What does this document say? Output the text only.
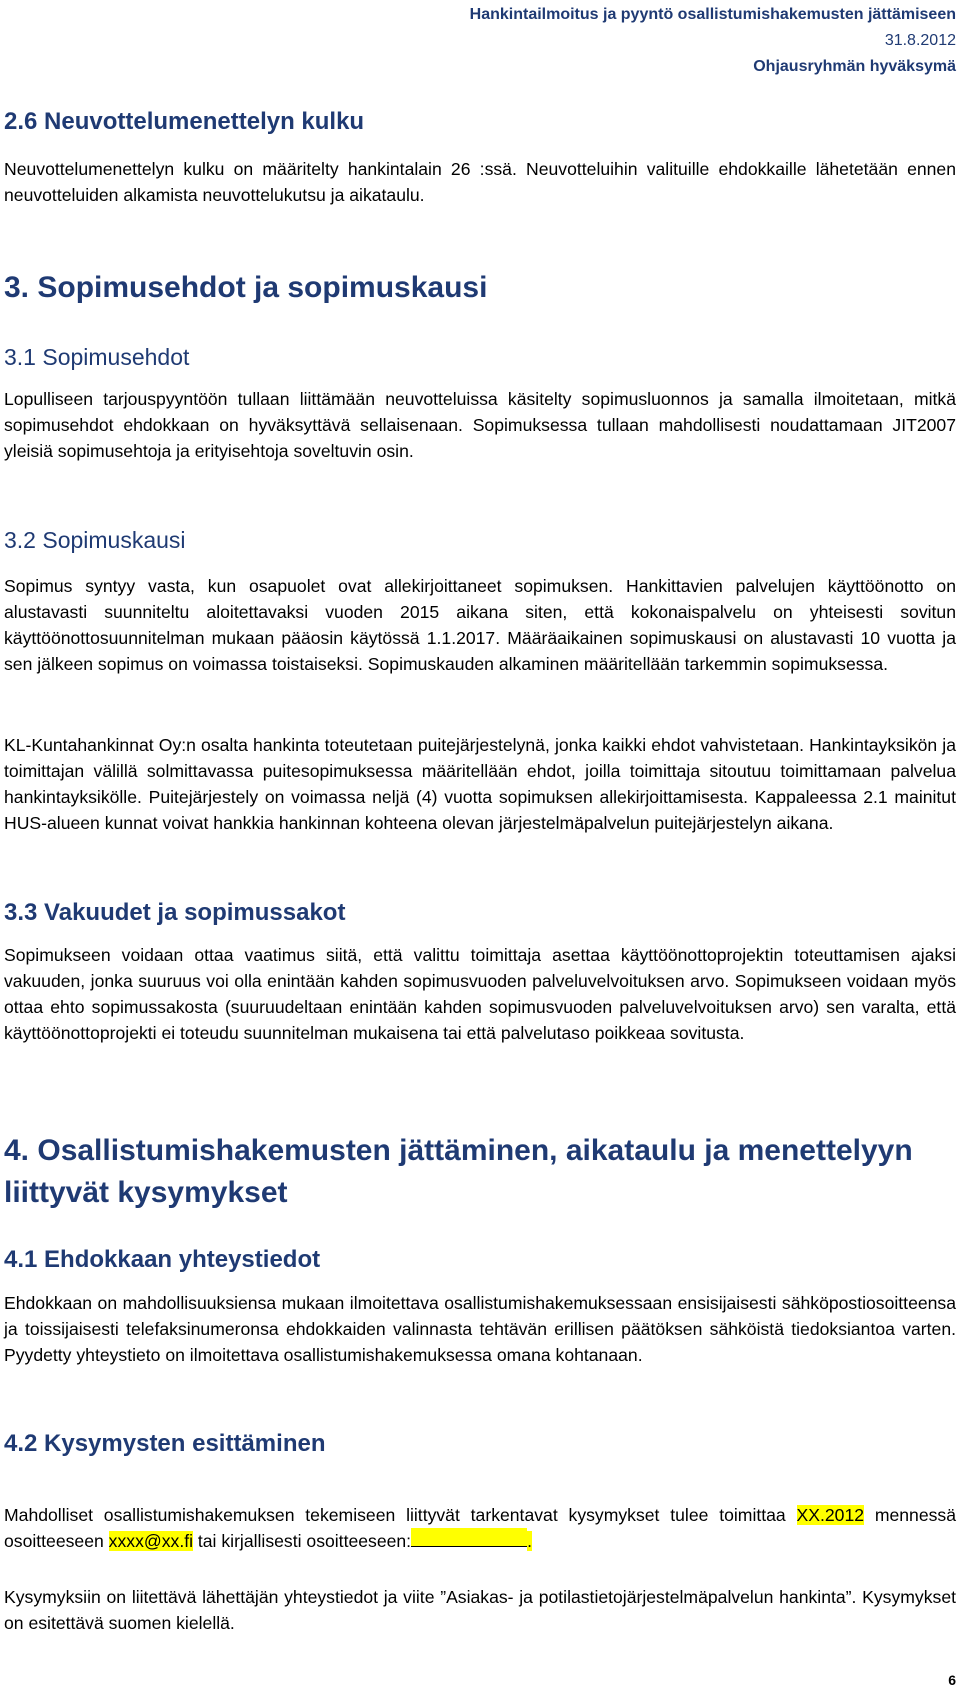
Hankintailmoitus ja pyyntö osallistumishakemusten jättämiseen
31.8.2012
Ohjausryhmän hyväksymä
2.6 Neuvottelumenettelyn kulku

Neuvottelumenettelyn kulku on määritelty hankintalain 26 :ssä. Neuvotteluihin valituille ehdokkaille lähetetään ennen neuvotteluiden alkamista neuvottelukutsu ja aikataulu.

3. Sopimusehdot ja sopimuskausi
3.1 Sopimusehdot

Lopulliseen tarjouspyyntöön tullaan liittämään neuvotteluissa käsitelty sopimusluonnos ja samalla ilmoitetaan, mitkä sopimusehdot ehdokkaan on hyväksyttävä sellaisenaan. Sopimuksessa tullaan mahdollisesti noudattamaan JIT2007 yleisiä sopimusehtoja ja erityisehtoja soveltuvin osin.

3.2 Sopimuskausi

Sopimus syntyy vasta, kun osapuolet ovat allekirjoittaneet sopimuksen. Hankittavien palvelujen käyttöönotto on alustavasti suunniteltu aloitettavaksi vuoden 2015 aikana siten, että kokonaispalvelu on yhteisesti sovitun käyttöönottosuunnitelman mukaan pääosin käytössä 1.1.2017. Määräaikainen sopimuskausi on alustavasti 10 vuotta ja sen jälkeen sopimus on voimassa toistaiseksi. Sopimuskauden alkaminen määritellään tarkemmin sopimuksessa.

KL-Kuntahankinnat Oy:n osalta hankinta toteutetaan puitejärjestelynä, jonka kaikki ehdot vahvistetaan. Hankintayksikön ja toimittajan välillä solmittavassa puitesopimuksessa määritellään ehdot, joilla toimittaja sitoutuu toimittamaan palvelua hankintayksikölle. Puitejärjestely on voimassa neljä (4) vuotta sopimuksen allekirjoittamisesta. Kappaleessa 2.1 mainitut HUS-alueen kunnat voivat hankkia hankinnan kohteena olevan järjestelmäpalvelun puitejärjestelyn aikana.

3.3 Vakuudet ja sopimussakot

Sopimukseen voidaan ottaa vaatimus siitä, että valittu toimittaja asettaa käyttöönottoprojektin toteuttamisen ajaksi vakuuden, jonka suuruus voi olla enintään kahden sopimusvuoden palveluvelvoituksen arvo. Sopimukseen voidaan myös ottaa ehto sopimussakosta (suuruudeltaan enintään kahden sopimusvuoden palveluvelvoituksen arvo) sen varalta, että käyttöönottoprojekti ei toteudu suunnitelman mukaisena tai että palvelutaso poikkeaa sovitusta.

4. Osallistumishakemusten jättäminen, aikataulu ja menettelyyn liittyvät kysymykset
4.1 Ehdokkaan yhteystiedot

Ehdokkaan on mahdollisuuksiensa mukaan ilmoitettava osallistumishakemuksessaan ensisijaisesti sähköpostiosoitteensa ja toissijaisesti telefaksinumeronsa ehdokkaiden valinnasta tehtävän erillisen päätöksen sähköistä tiedoksiantoa varten. Pyydetty yhteystieto on ilmoitettava osallistumishakemuksessa omana kohtanaan.

4.2 Kysymysten esittäminen

Mahdolliset osallistumishakemuksen tekemiseen liittyvät tarkentavat kysymykset tulee toimittaa XX.2012 mennessä osoitteeseen xxxx@xx.fi tai kirjallisesti osoitteeseen:	.

Kysymyksiin on liitettävä lähettäjän yhteystiedot ja viite ”Asiakas- ja potilastietojärjestelmäpalvelun hankinta”. Kysymykset on esitettävä suomen kielellä.

6
